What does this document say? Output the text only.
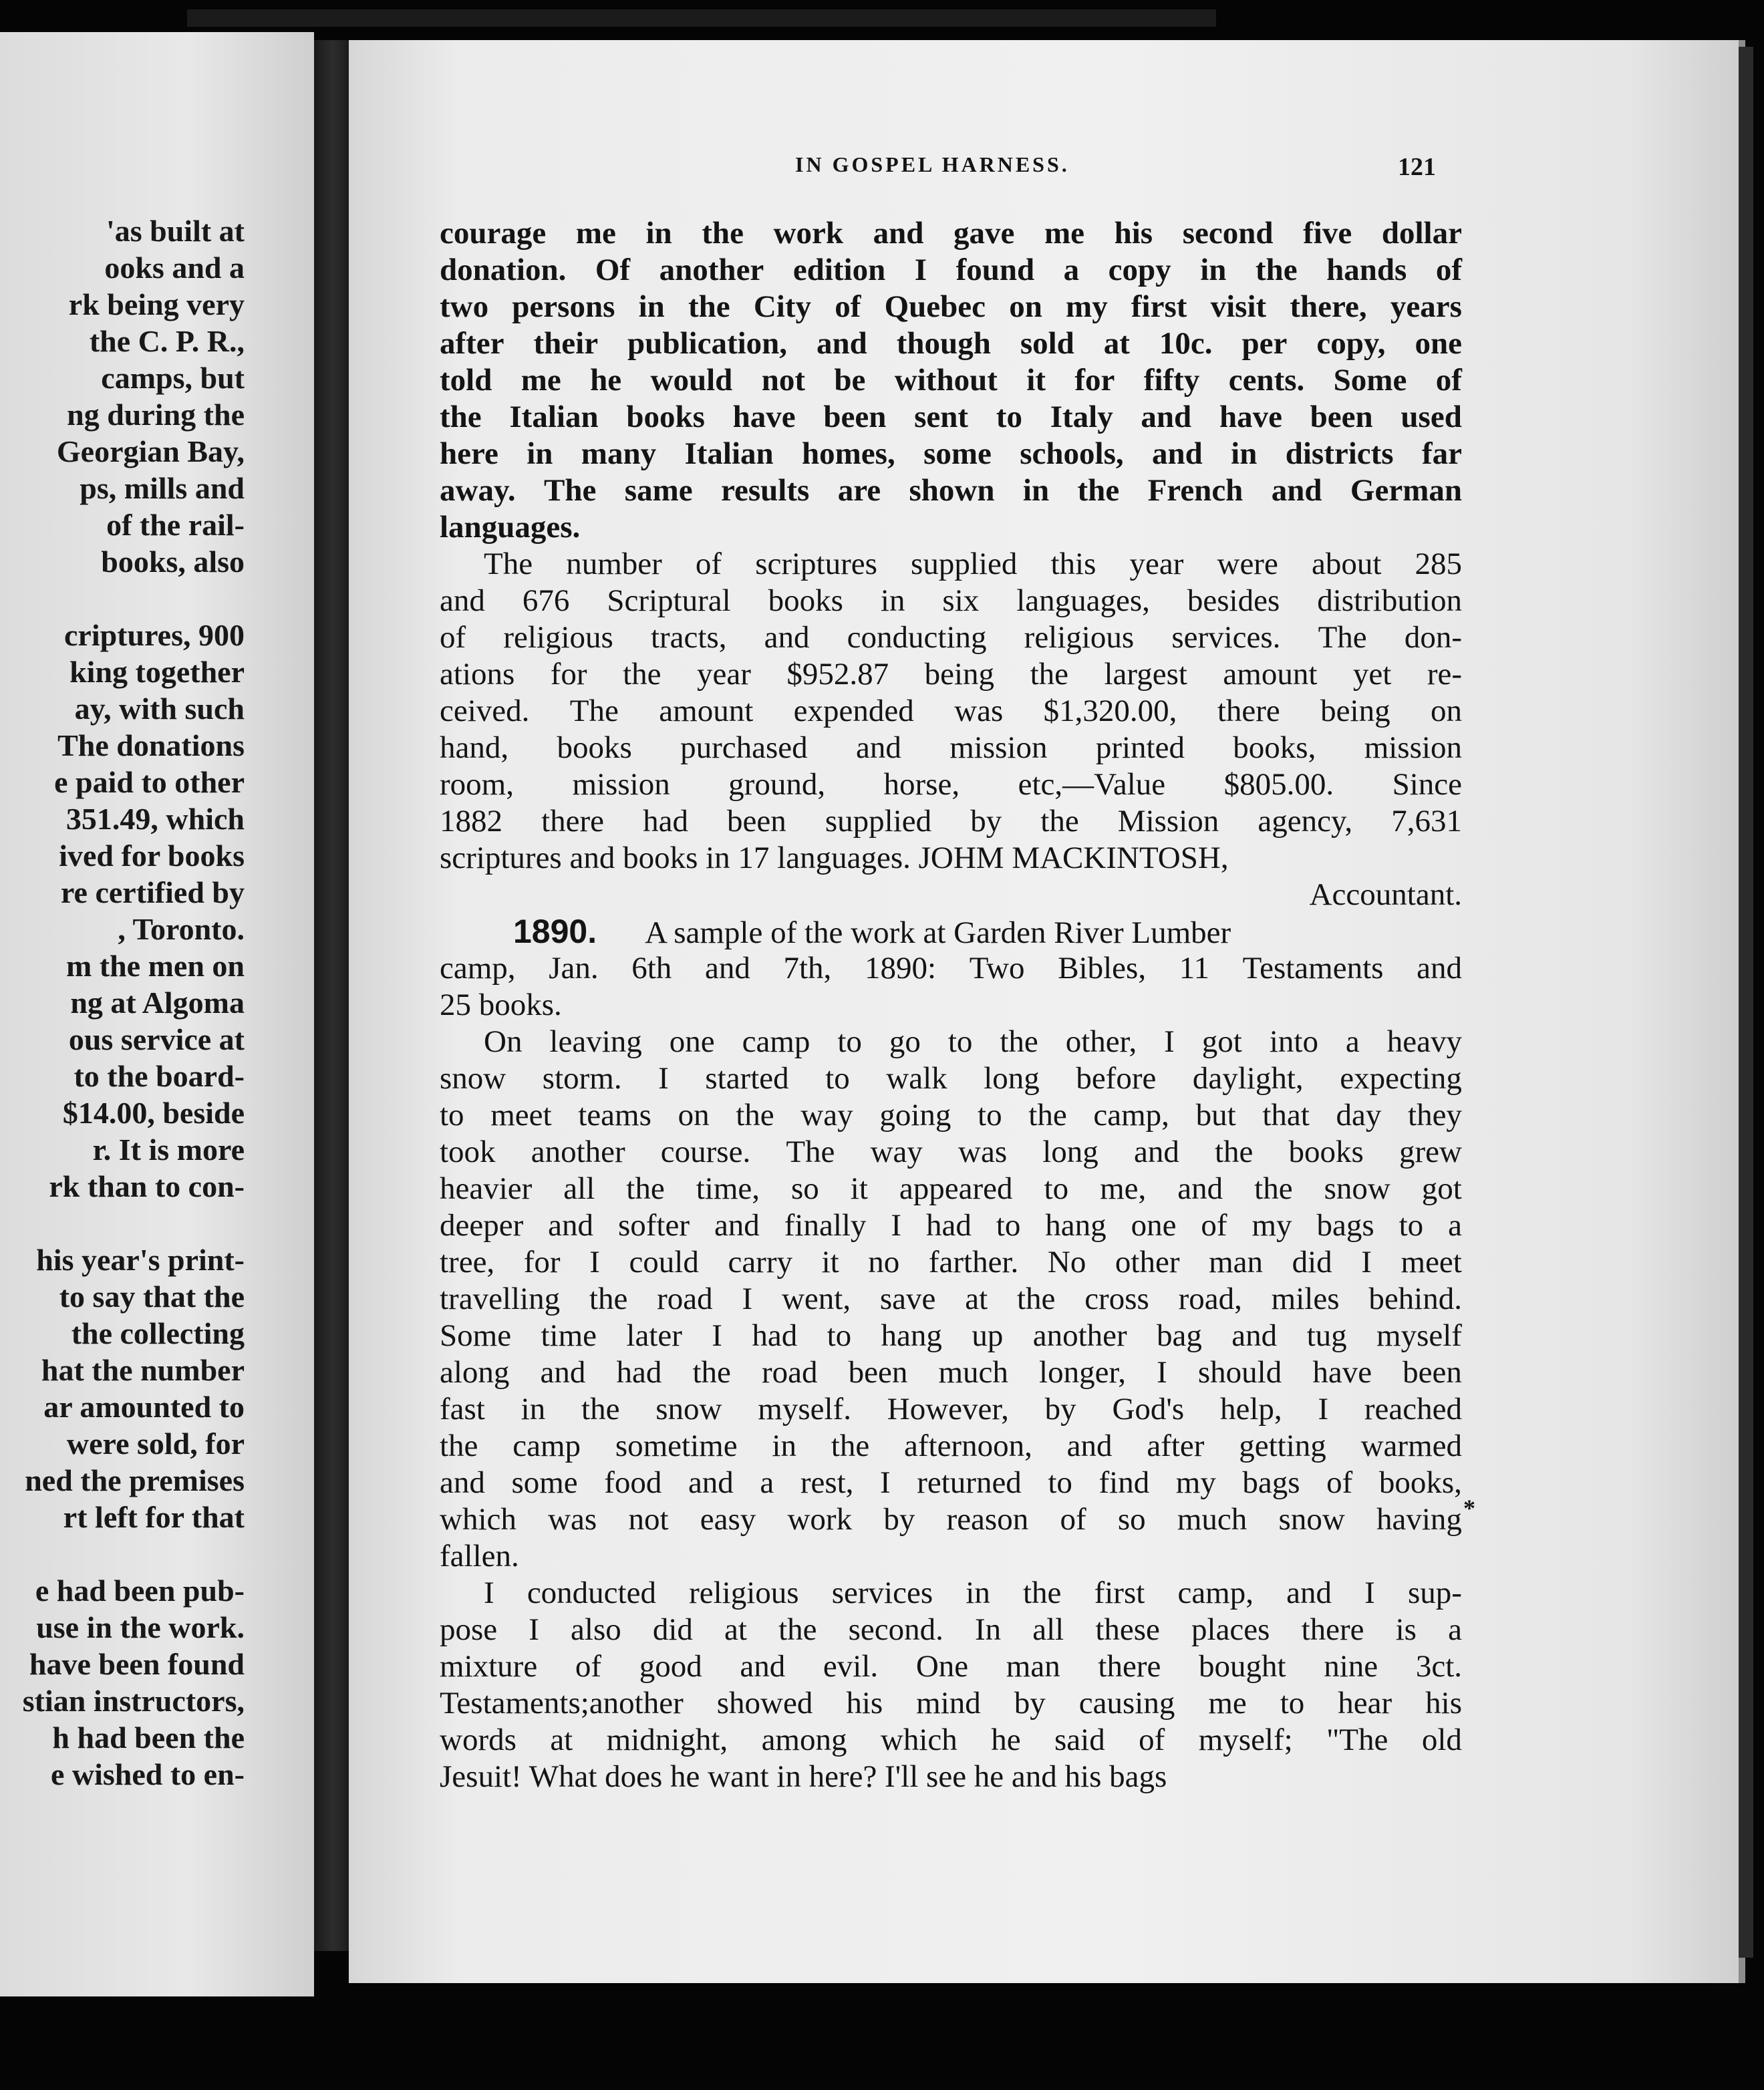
'as built at
ooks and a
rk being very
the C. P. R.,
camps, but
ng during the
Georgian Bay,
ps, mills and
of the rail-
books, also
criptures, 900
king together
ay, with such
The donations
e paid to other
351.49, which
ived for books
re certified by
, Toronto.
m the men on
ng at Algoma
ous service at
to the board-
$14.00, beside
r. It is more
rk than to con-
his year's print-
to say that the
the collecting
hat the number
ar amounted to
were sold, for
ned the premises
rt left for that
e had been pub-
use in the work.
have been found
stian instructors,
h had been the
e wished to en-
IN GOSPEL HARNESS.	121
courage me in the work and gave me his second five dollar
donation. Of another edition I found a copy in the hands of
two persons in the City of Quebec on my first visit there, years
after their publication, and though sold at 10c. per copy, one
told me he would not be without it for fifty cents. Some of
the Italian books have been sent to Italy and have been used
here in many Italian homes, some schools, and in districts far
away. The same results are shown in the French and German
languages.
The number of scriptures supplied this year were about 285
and 676 Scriptural books in six languages, besides distribution
of religious tracts, and conducting religious services. The don-
ations for the year $952.87 being the largest amount yet re-
ceived. The amount expended was $1,320.00, there being on
hand, books purchased and mission printed books, mission
room, mission ground, horse, etc,—Value $805.00. Since
1882 there had been supplied by the Mission agency, 7,631
scriptures and books in 17 languages. JOHM MACKINTOSH,
Accountant.
1890. A sample of the work at Garden River Lumber
camp, Jan. 6th and 7th, 1890: Two Bibles, 11 Testaments and
25 books.
On leaving one camp to go to the other, I got into a heavy
snow storm. I started to walk long before daylight, expecting
to meet teams on the way going to the camp, but that day they
took another course. The way was long and the books grew
heavier all the time, so it appeared to me, and the snow got
deeper and softer and finally I had to hang one of my bags to a
tree, for I could carry it no farther. No other man did I meet
travelling the road I went, save at the cross road, miles behind.
Some time later I had to hang up another bag and tug myself
along and had the road been much longer, I should have been
fast in the snow myself. However, by God's help, I reached
the camp sometime in the afternoon, and after getting warmed
and some food and a rest, I returned to find my bags of books,
which was not easy work by reason of so much snow having
fallen.
I conducted religious services in the first camp, and I sup-
pose I also did at the second. In all these places there is a
mixture of good and evil. One man there bought nine 3ct.
Testaments;another showed his mind by causing me to hear his
words at midnight, among which he said of myself; "The old
Jesuit! What does he want in here? I'll see he and his bags
*
